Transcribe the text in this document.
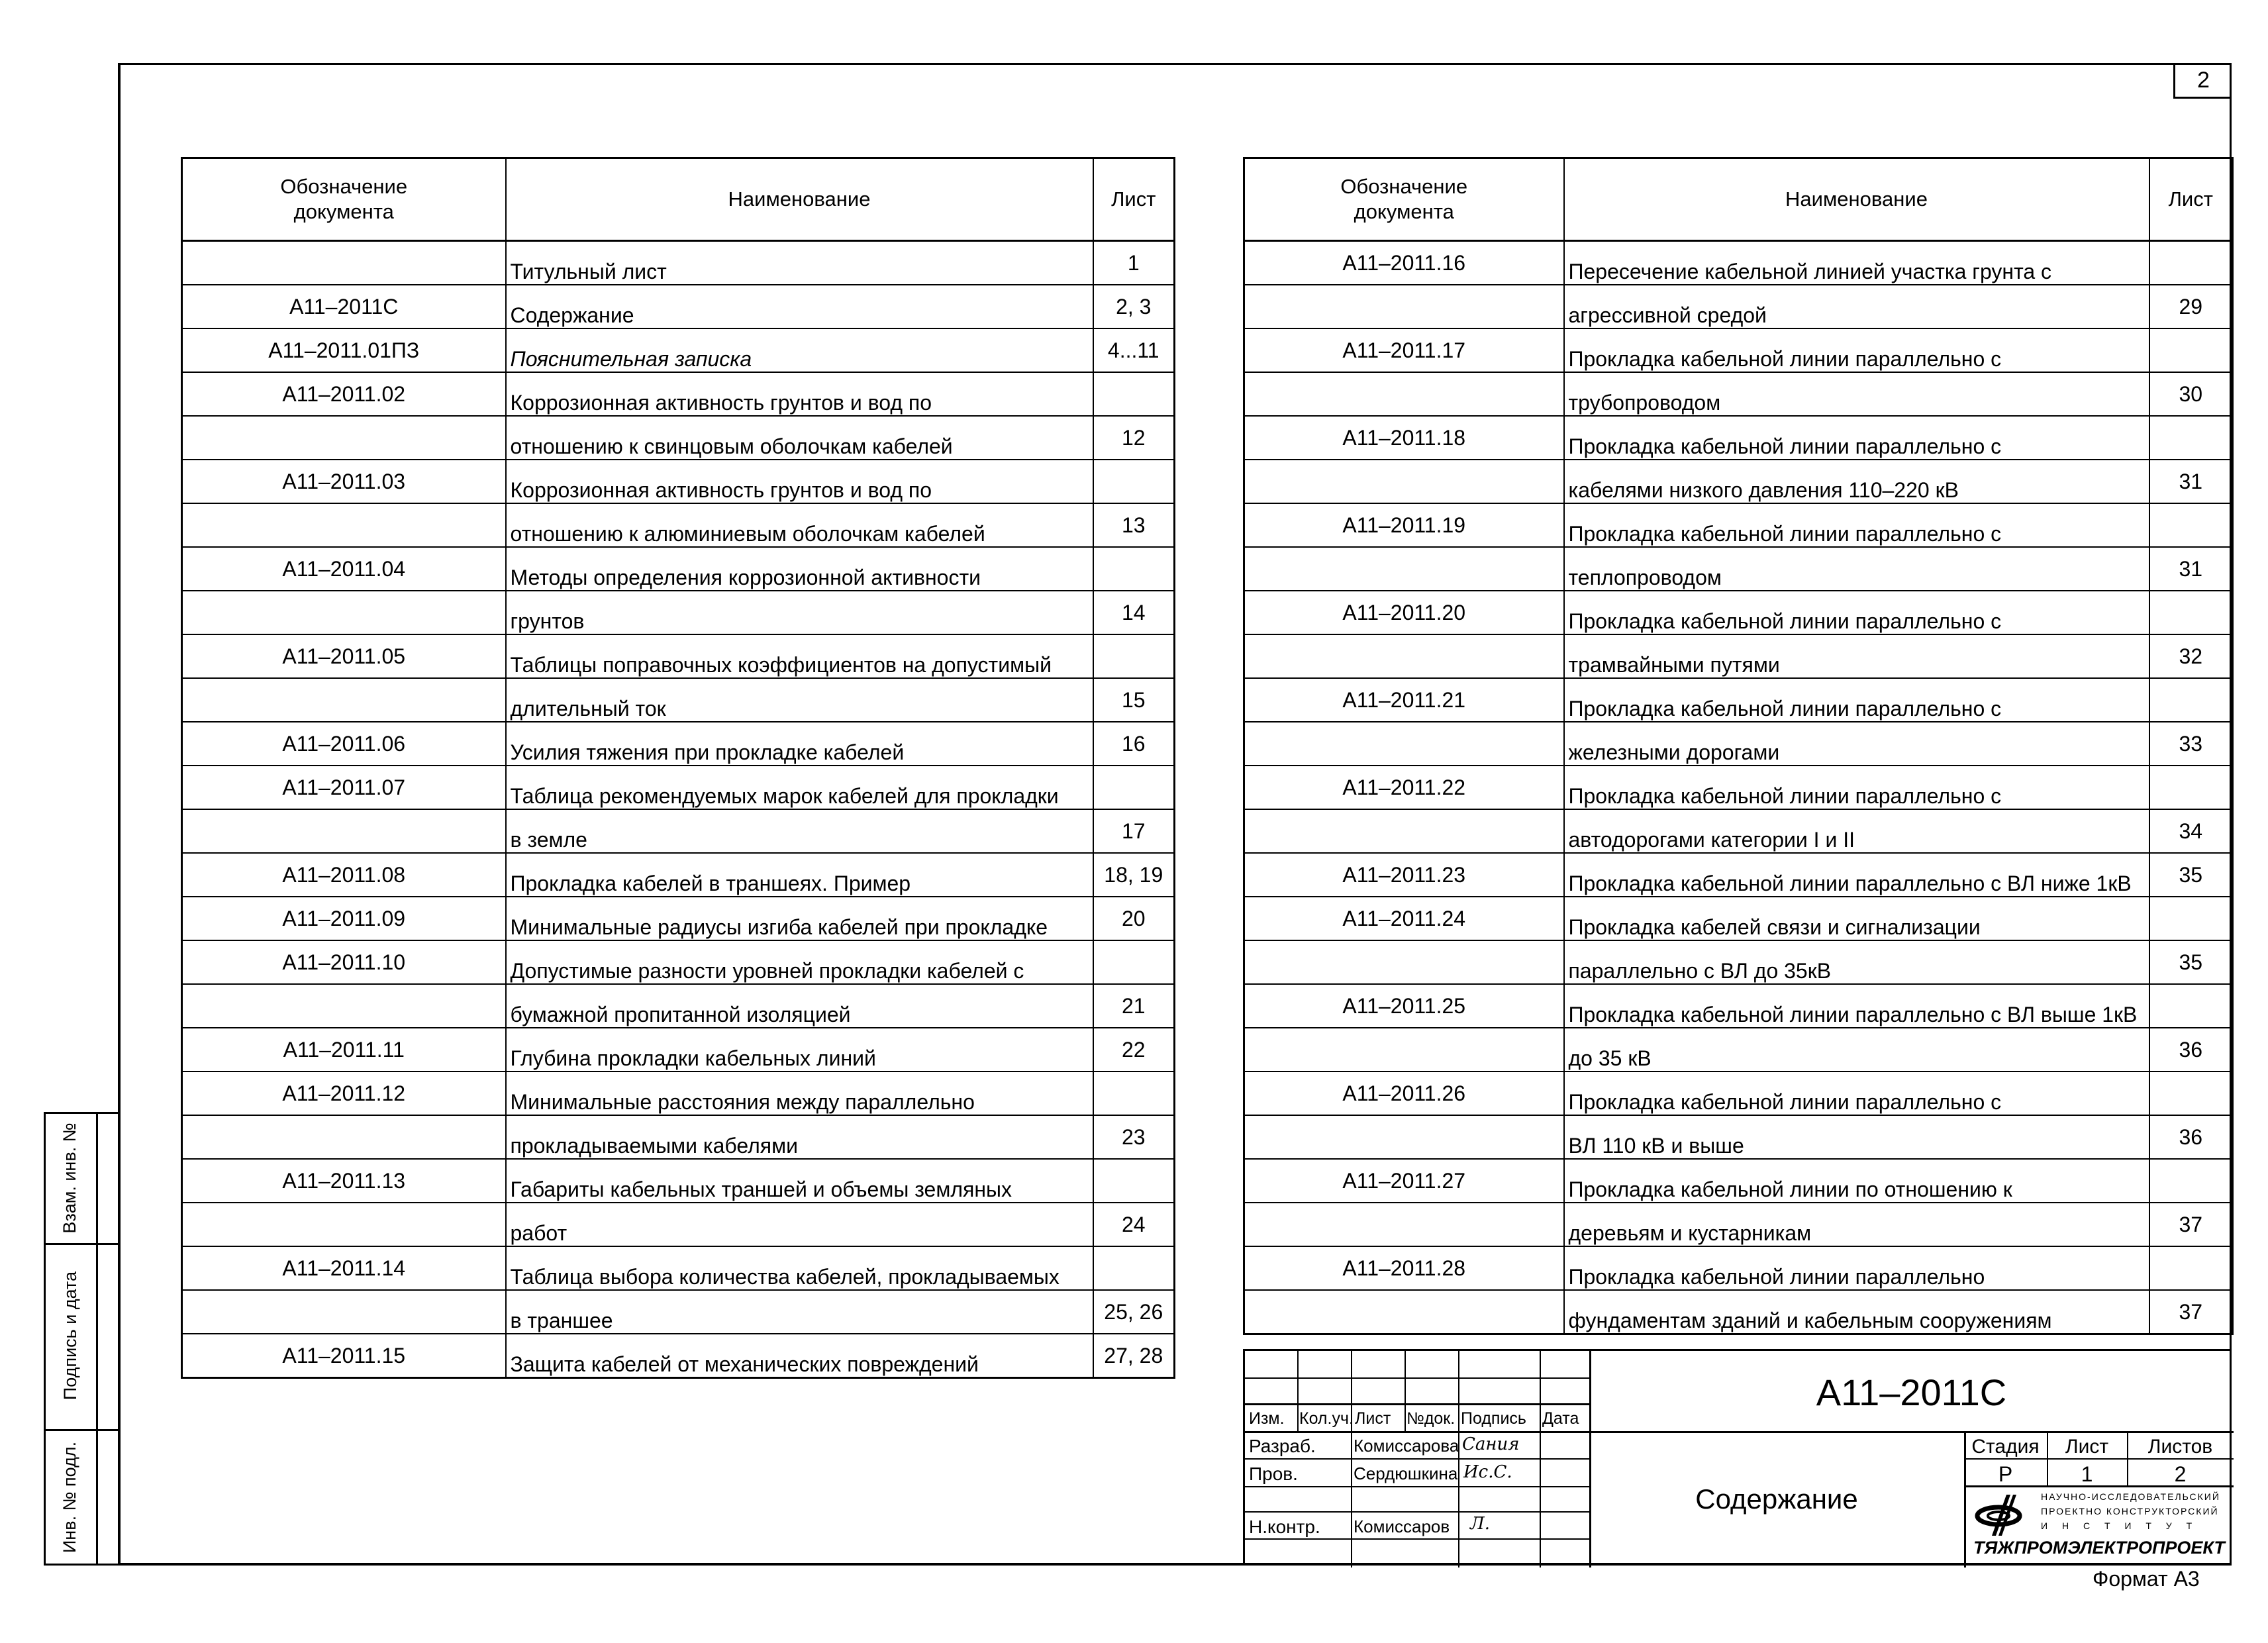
2
Обозначение документа	Наименование	Лист
	Титульный лист	1
А11–2011С	Содержание	2, 3
А11–2011.01ПЗ	Пояснительная записка	4...11
А11–2011.02	Коррозионная активность грунтов и вод по	
	отношению к свинцовым оболочкам кабелей	12
А11–2011.03	Коррозионная активность грунтов и вод по	
	отношению к алюминиевым оболочкам кабелей	13
А11–2011.04	Методы определения коррозионной активности	
	грунтов	14
А11–2011.05	Таблицы поправочных коэффициентов на допустимый	
	длительный ток	15
А11–2011.06	Усилия тяжения при прокладке кабелей	16
А11–2011.07	Таблица рекомендуемых марок кабелей для прокладки	
	в земле	17
А11–2011.08	Прокладка кабелей в траншеях. Пример	18, 19
А11–2011.09	Минимальные радиусы изгиба кабелей при прокладке	20
А11–2011.10	Допустимые разности уровней прокладки кабелей с	
	бумажной пропитанной изоляцией	21
А11–2011.11	Глубина прокладки кабельных линий	22
А11–2011.12	Минимальные расстояния между параллельно	
	прокладываемыми кабелями	23
А11–2011.13	Габариты кабельных траншей и объемы земляных	
	работ	24
А11–2011.14	Таблица выбора количества кабелей, прокладываемых	
	в траншее	25, 26
А11–2011.15	Защита кабелей от механических повреждений	27, 28
Обозначение документа	Наименование	Лист
А11–2011.16	Пересечение кабельной линией участка грунта с	
	агрессивной средой	29
А11–2011.17	Прокладка кабельной линии параллельно с	
	трубопроводом	30
А11–2011.18	Прокладка кабельной линии параллельно с	
	кабелями низкого давления 110–220 кВ	31
А11–2011.19	Прокладка кабельной линии параллельно с	
	теплопроводом	31
А11–2011.20	Прокладка кабельной линии параллельно с	
	трамвайными путями	32
А11–2011.21	Прокладка кабельной линии параллельно с	
	железными дорогами	33
А11–2011.22	Прокладка кабельной линии параллельно с	
	автодорогами категории I и II	34
А11–2011.23	Прокладка кабельной линии параллельно с ВЛ ниже 1кВ	35
А11–2011.24	Прокладка кабелей связи и сигнализации	
	параллельно с ВЛ до 35кВ	35
А11–2011.25	Прокладка кабельной линии параллельно с ВЛ выше 1кВ	
	до 35 кВ	36
А11–2011.26	Прокладка кабельной линии параллельно с	
	ВЛ 110 кВ и выше	36
А11–2011.27	Прокладка кабельной линии по отношению к	
	деревьям и кустарникам	37
А11–2011.28	Прокладка кабельной линии параллельно	
	фундаментам зданий и кабельным сооружениям	37
Изм. Кол.уч. Лист №док. Подпись Дата
Разраб. Комиссарова Сания
Пров.	Сердюшкина Ис.С.
Н.контр. Комиссаров Л.
А11–2011С
Содержание
Стадия	Лист	Листов
Р	1	2
НАУЧНО-ИССЛЕДОВАТЕЛЬСКИЙ
ПРОЕКТНО КОНСТРУКТОРСКИЙ
И Н С Т И Т У Т
ТЯЖПРОМЭЛЕКТРОПРОЕКТ
Взам. инв. №
Подпись и дата
Инв. № подл.
Формат А3
